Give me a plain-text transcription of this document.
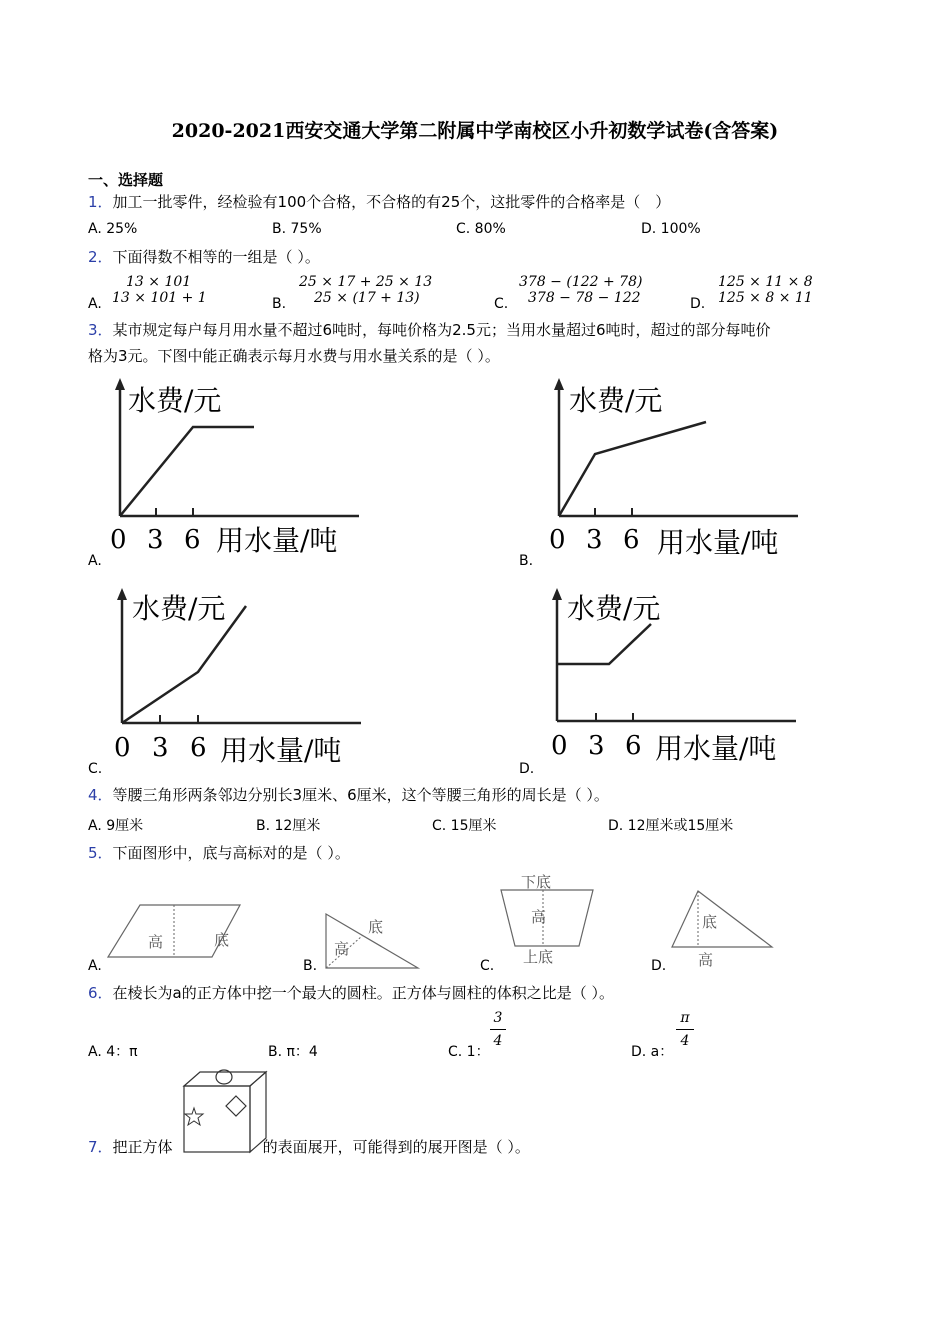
2020-2021西安交通大学第二附属中学南校区小升初数学试卷(含答案)
一、选择题
1．加工一批零件，经检验有100个合格，不合格的有25个，这批零件的合格率是（　）
A. 25%	B. 75%	C. 80%	D. 100%
2．下面得数不相等的一组是（ ）。
A.
13 × 101
13 × 101 + 1	B.
25 × 17 + 25 × 13
25 × (17 + 13)	C.
378 − (122 + 78)
378 − 78 − 122	D.
125 × 11 × 8
125 × 8 × 11
3．某市规定每户每月用水量不超过6吨时，每吨价格为2.5元；当用水量超过6吨时，超过的部分每吨价
格为3元。下图中能正确表示每月水费与用水量关系的是（ ）。
水费/元
0 3 6 用水量/吨
A.
水费/元
0 3 6 用水量/吨
B.
水费/元
0 3 6 用水量/吨
C.
水费/元
0 3 6 用水量/吨
D.
4．等腰三角形两条邻边分别长3厘米、6厘米，这个等腰三角形的周长是（ ）。
A. 9厘米	B. 12厘米	C. 15厘米	D. 12厘米或15厘米
5．下面图形中，底与高标对的是（ ）。
高	底
A.
高
底
B.
下底
高
上底
C.
底
高
D.
6．在棱长为a的正方体中挖一个最大的圆柱。正方体与圆柱的体积之比是（ ）。
A. 4：π	B. π：4	C. 1：
3
4
D. a：
π
4
7．把正方体	的表面展开，可能得到的展开图是（ ）。
